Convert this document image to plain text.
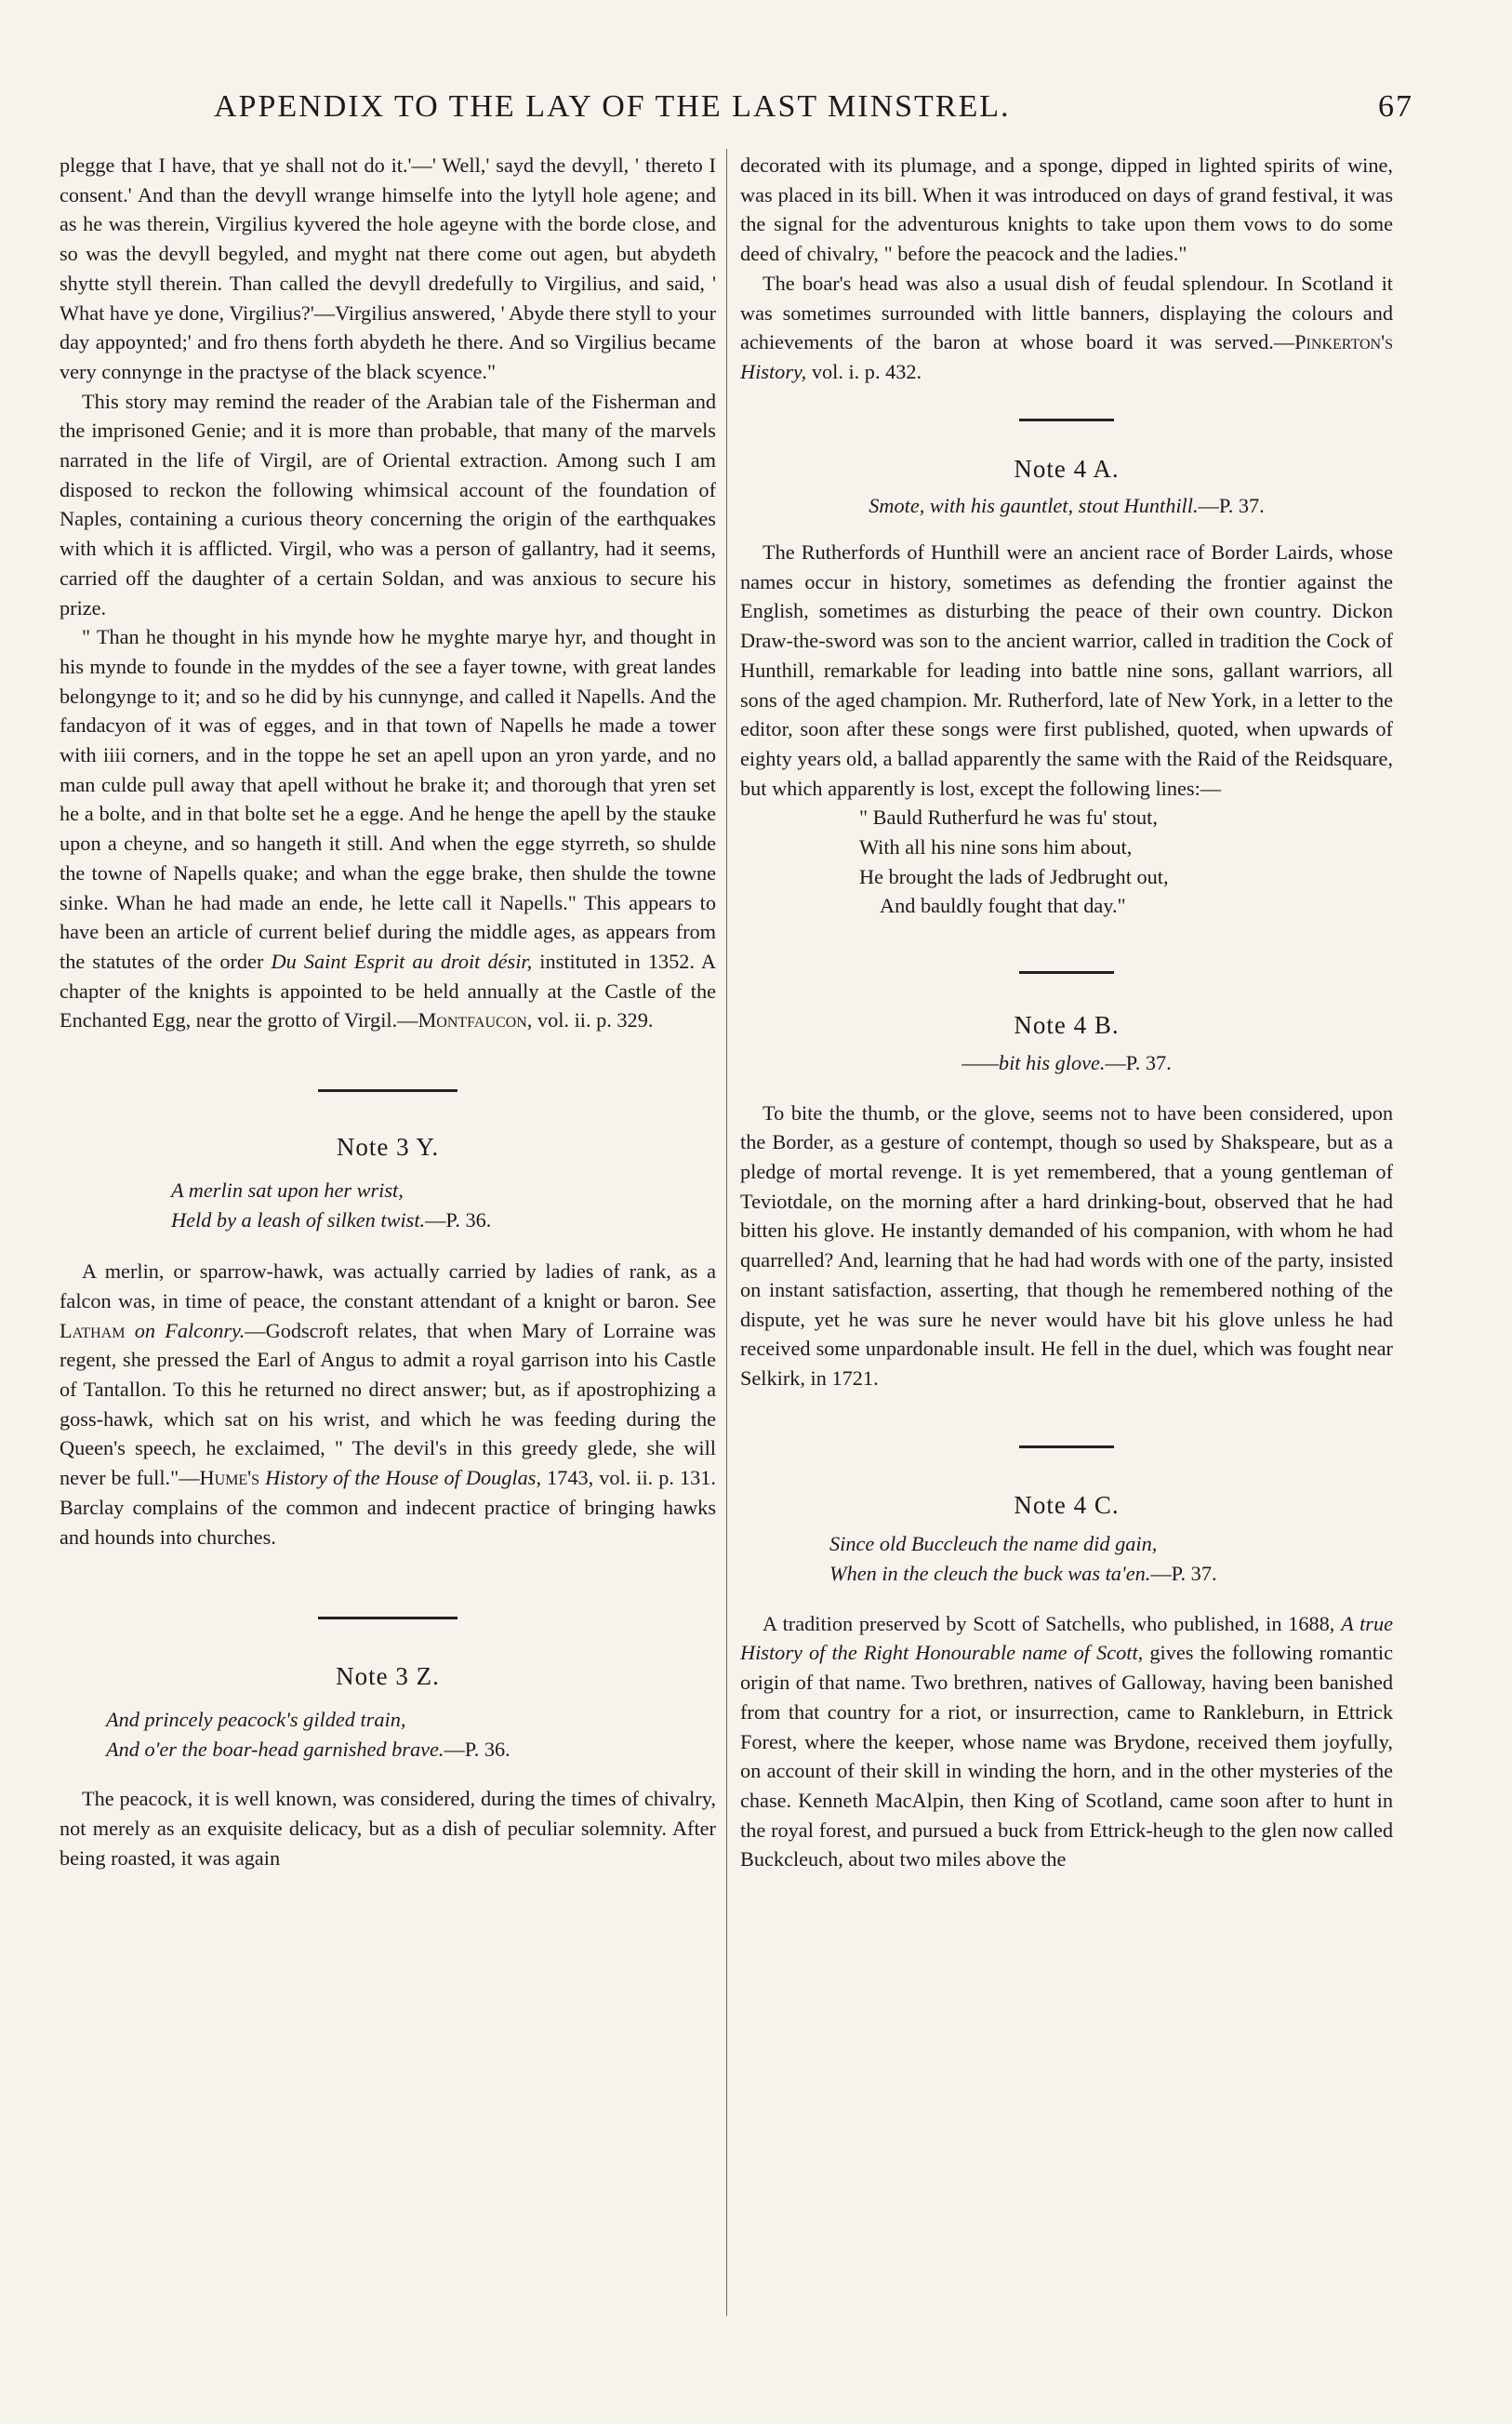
APPENDIX TO THE LAY OF THE LAST MINSTREL.	67

plegge that I have, that ye shall not do it.'—' Well,' sayd the devyll, ' thereto I consent.' And than the devyll wrange himselfe into the lytyll hole agene; and as he was therein, Virgilius kyvered the hole ageyne with the borde close, and so was the devyll begyled, and myght nat there come out agen, but abydeth shytte styll therein. Than called the devyll dredefully to Virgilius, and said, ' What have ye done, Virgilius?'—Virgilius answered, ' Abyde there styll to your day appoynted;' and fro thens forth abydeth he there. And so Virgilius became very connynge in the practyse of the black scyence."

This story may remind the reader of the Arabian tale of the Fisherman and the imprisoned Genie; and it is more than probable, that many of the marvels narrated in the life of Virgil, are of Oriental extraction. Among such I am disposed to reckon the following whimsical account of the foundation of Naples, containing a curious theory concerning the origin of the earthquakes with which it is afflicted. Virgil, who was a person of gallantry, had it seems, carried off the daughter of a certain Soldan, and was anxious to secure his prize.

" Than he thought in his mynde how he myghte marye hyr, and thought in his mynde to founde in the myddes of the see a fayer towne, with great landes belongynge to it; and so he did by his cunnynge, and called it Napells. And the fandacyon of it was of egges, and in that town of Napells he made a tower with iiii corners, and in the toppe he set an apell upon an yron yarde, and no man culde pull away that apell without he brake it; and thorough that yren set he a bolte, and in that bolte set he a egge. And he henge the apell by the stauke upon a cheyne, and so hangeth it still. And when the egge styrreth, so shulde the towne of Napells quake; and whan the egge brake, then shulde the towne sinke. Whan he had made an ende, he lette call it Napells." This appears to have been an article of current belief during the middle ages, as appears from the statutes of the order Du Saint Esprit au droit désir, instituted in 1352. A chapter of the knights is appointed to be held annually at the Castle of the Enchanted Egg, near the grotto of Virgil.—Montfaucon, vol. ii. p. 329.

Note 3 Y.

A merlin sat upon her wrist,
Held by a leash of silken twist.—P. 36.

A merlin, or sparrow-hawk, was actually carried by ladies of rank, as a falcon was, in time of peace, the constant attendant of a knight or baron. See Latham on Falconry.—Godscroft relates, that when Mary of Lorraine was regent, she pressed the Earl of Angus to admit a royal garrison into his Castle of Tantallon. To this he returned no direct answer; but, as if apostrophizing a goss-hawk, which sat on his wrist, and which he was feeding during the Queen's speech, he exclaimed, " The devil's in this greedy glede, she will never be full."—Hume's History of the House of Douglas, 1743, vol. ii. p. 131. Barclay complains of the common and indecent practice of bringing hawks and hounds into churches.

Note 3 Z.

And princely peacock's gilded train,
And o'er the boar-head garnished brave.—P. 36.

The peacock, it is well known, was considered, during the times of chivalry, not merely as an exquisite delicacy, but as a dish of peculiar solemnity. After being roasted, it was again

decorated with its plumage, and a sponge, dipped in lighted spirits of wine, was placed in its bill. When it was introduced on days of grand festival, it was the signal for the adventurous knights to take upon them vows to do some deed of chivalry, " before the peacock and the ladies."

The boar's head was also a usual dish of feudal splendour. In Scotland it was sometimes surrounded with little banners, displaying the colours and achievements of the baron at whose board it was served.—Pinkerton's History, vol. i. p. 432.

Note 4 A.

Smote, with his gauntlet, stout Hunthill.—P. 37.

The Rutherfords of Hunthill were an ancient race of Border Lairds, whose names occur in history, sometimes as defending the frontier against the English, sometimes as disturbing the peace of their own country. Dickon Draw-the-sword was son to the ancient warrior, called in tradition the Cock of Hunthill, remarkable for leading into battle nine sons, gallant warriors, all sons of the aged champion. Mr. Rutherford, late of New York, in a letter to the editor, soon after these songs were first published, quoted, when upwards of eighty years old, a ballad apparently the same with the Raid of the Reidsquare, but which apparently is lost, except the following lines:—

" Bauld Rutherfurd he was fu' stout,
With all his nine sons him about,
He brought the lads of Jedbrught out,
And bauldly fought that day."

Note 4 B.

——bit his glove.—P. 37.

To bite the thumb, or the glove, seems not to have been considered, upon the Border, as a gesture of contempt, though so used by Shakspeare, but as a pledge of mortal revenge. It is yet remembered, that a young gentleman of Teviotdale, on the morning after a hard drinking-bout, observed that he had bitten his glove. He instantly demanded of his companion, with whom he had quarrelled? And, learning that he had had words with one of the party, insisted on instant satisfaction, asserting, that though he remembered nothing of the dispute, yet he was sure he never would have bit his glove unless he had received some unpardonable insult. He fell in the duel, which was fought near Selkirk, in 1721.

Note 4 C.

Since old Buccleuch the name did gain,
When in the cleuch the buck was ta'en.—P. 37.

A tradition preserved by Scott of Satchells, who published, in 1688, A true History of the Right Honourable name of Scott, gives the following romantic origin of that name. Two brethren, natives of Galloway, having been banished from that country for a riot, or insurrection, came to Rankleburn, in Ettrick Forest, where the keeper, whose name was Brydone, received them joyfully, on account of their skill in winding the horn, and in the other mysteries of the chase. Kenneth MacAlpin, then King of Scotland, came soon after to hunt in the royal forest, and pursued a buck from Ettrick-heugh to the glen now called Buckcleuch, about two miles above the
